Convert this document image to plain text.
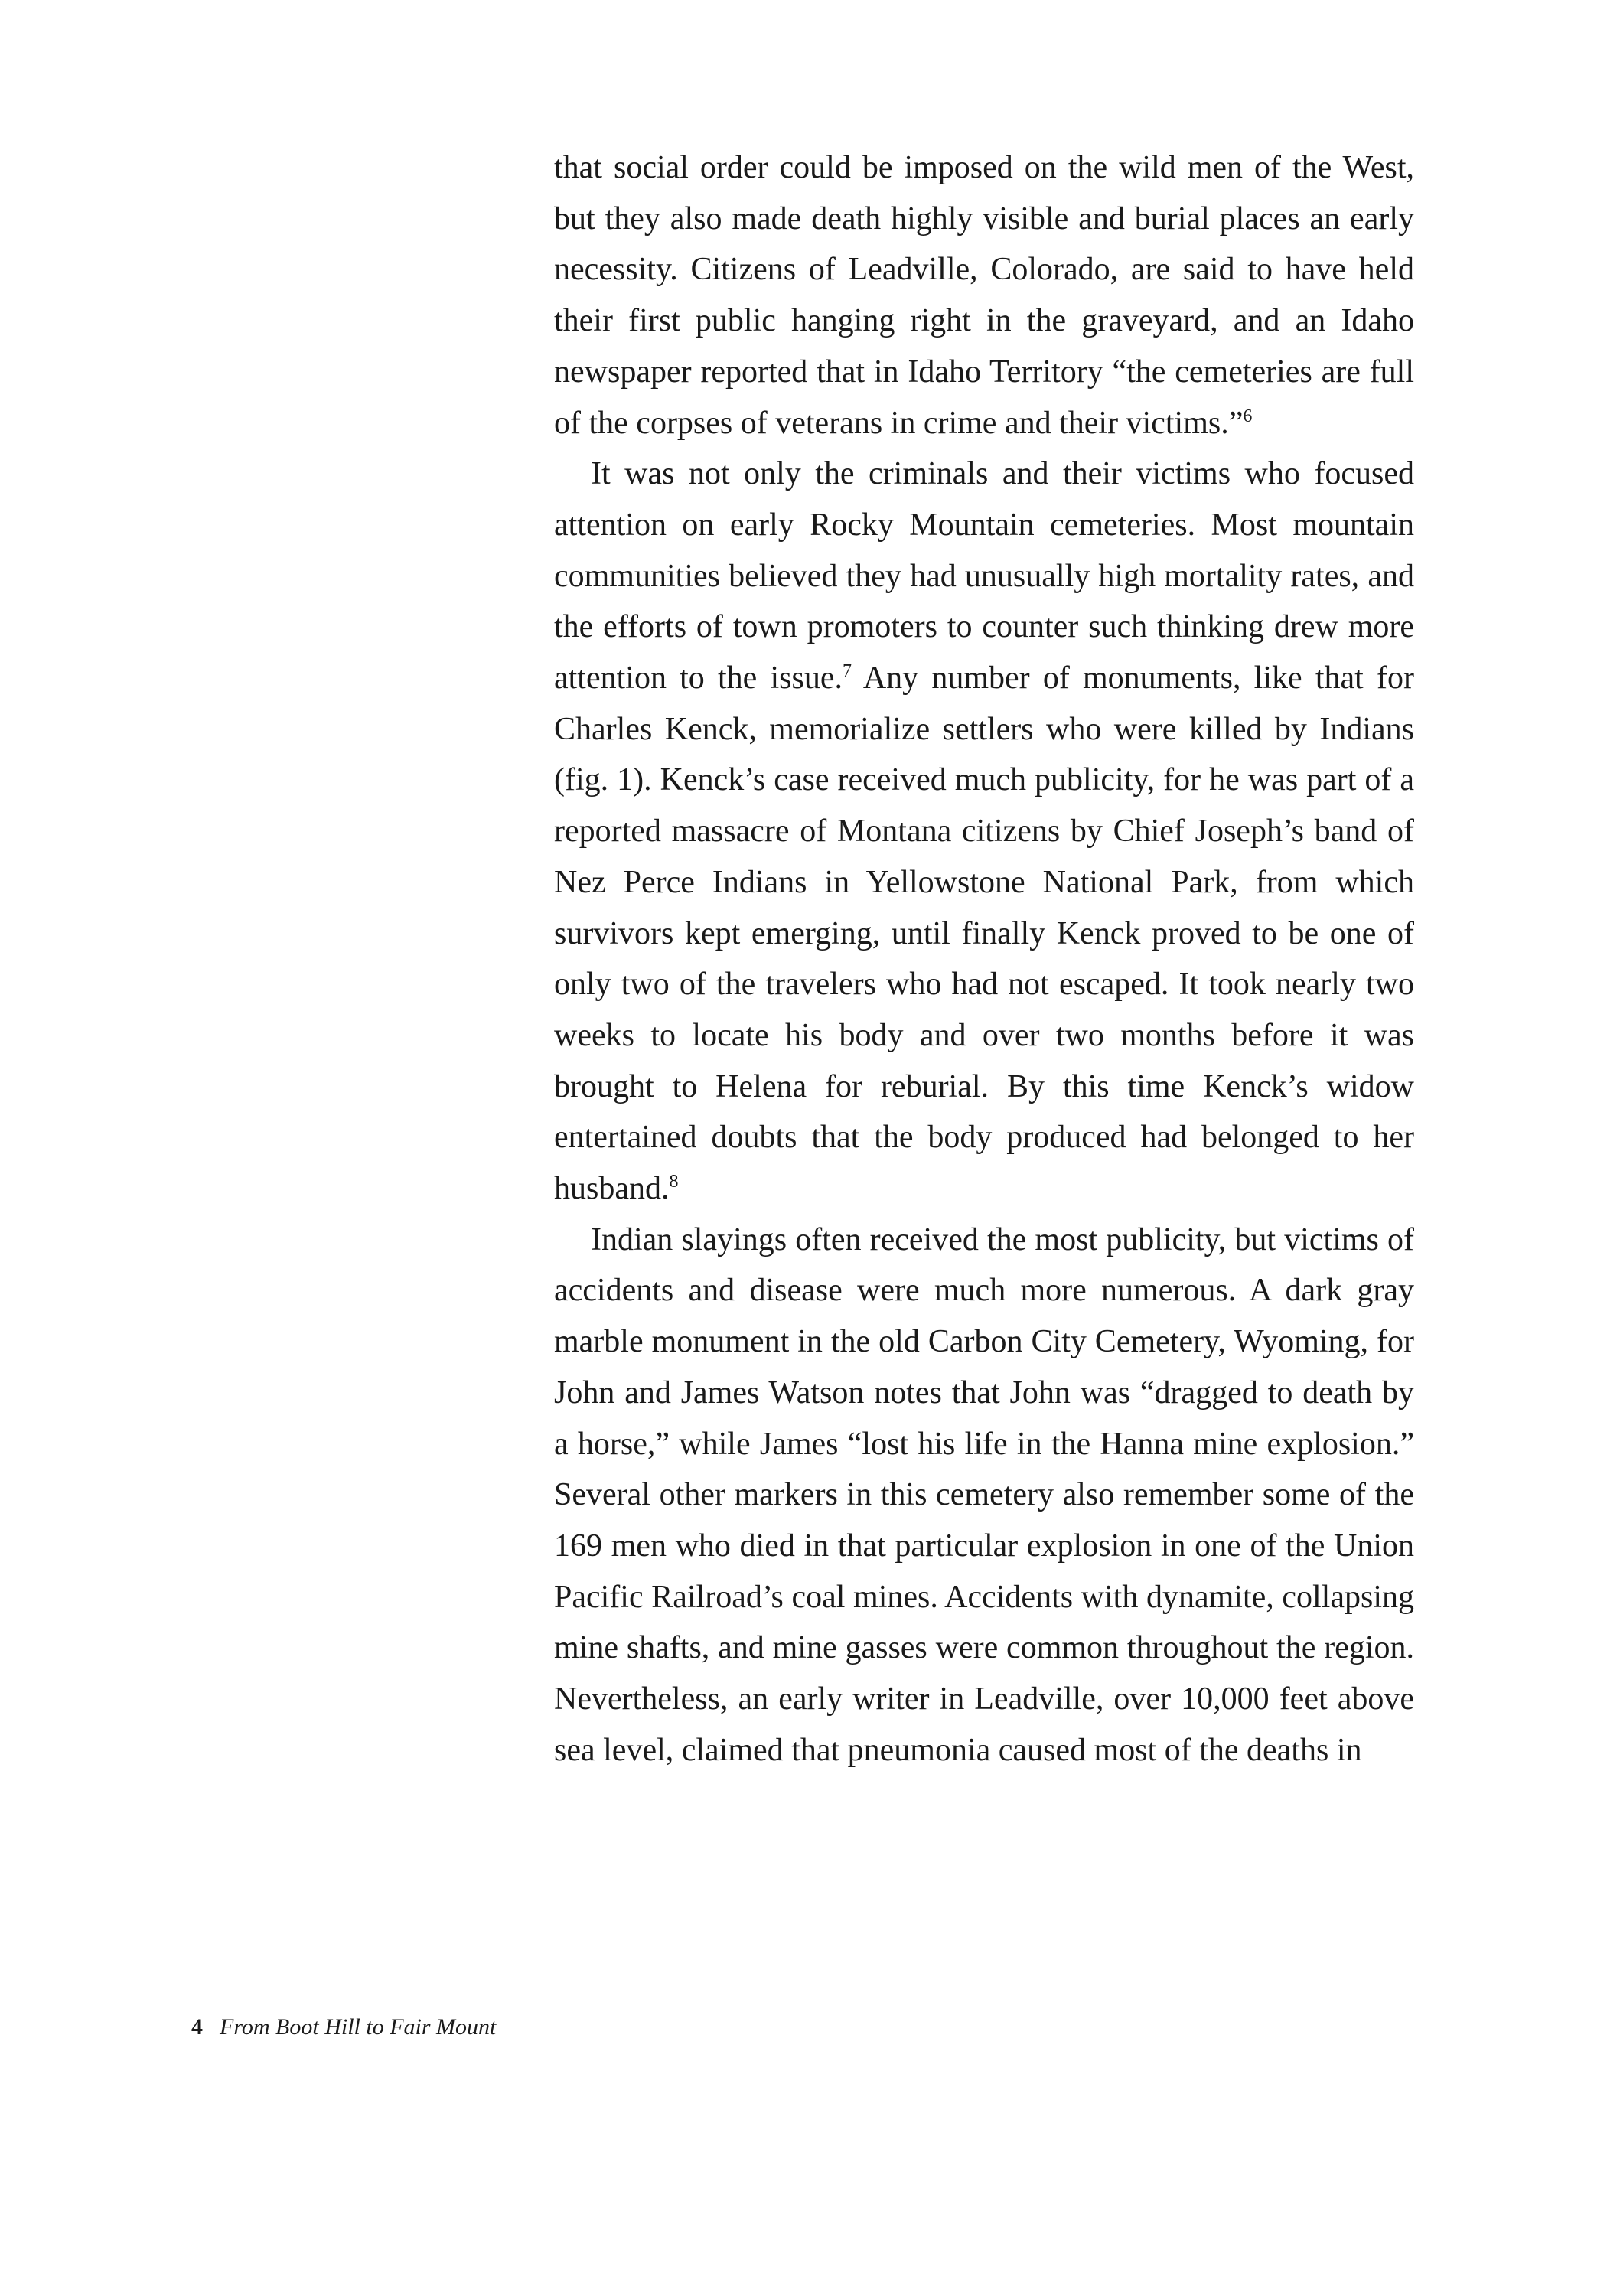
that social order could be imposed on the wild men of the West, but they also made death highly visible and burial places an early necessity. Citizens of Leadville, Colorado, are said to have held their first public hanging right in the graveyard, and an Idaho newspaper reported that in Idaho Territory “the cemeteries are full of the corpses of veterans in crime and their victims.”$^6$

It was not only the criminals and their victims who focused attention on early Rocky Mountain cemeteries. Most mountain communities believed they had unusually high mortality rates, and the efforts of town promoters to counter such thinking drew more attention to the issue.$^7$ Any number of monuments, like that for Charles Kenck, memorialize settlers who were killed by Indians (fig. 1). Kenck’s case received much publicity, for he was part of a reported massacre of Montana citizens by Chief Joseph’s band of Nez Perce Indians in Yellowstone National Park, from which survivors kept emerging, until finally Kenck proved to be one of only two of the travelers who had not escaped. It took nearly two weeks to locate his body and over two months before it was brought to Helena for reburial. By this time Kenck’s widow entertained doubts that the body produced had belonged to her husband.$^8$

Indian slayings often received the most publicity, but victims of accidents and disease were much more numerous. A dark gray marble monument in the old Carbon City Cemetery, Wyoming, for John and James Watson notes that John was “dragged to death by a horse,” while James “lost his life in the Hanna mine explosion.” Several other markers in this cemetery also remember some of the 169 men who died in that particular explosion in one of the Union Pacific Railroad’s coal mines. Accidents with dynamite, collapsing mine shafts, and mine gasses were common throughout the region. Nevertheless, an early writer in Leadville, over 10,000 feet above sea level, claimed that pneumonia caused most of the deaths in

4 From Boot Hill to Fair Mount
